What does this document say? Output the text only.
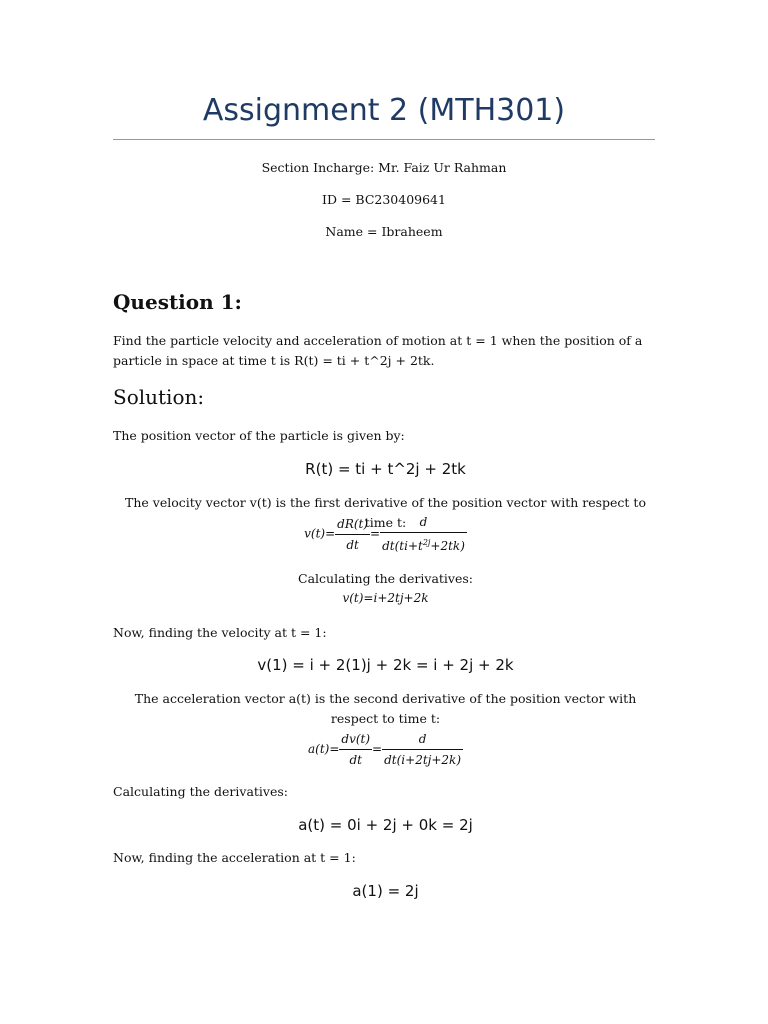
Assignment 2 (MTH301)
Section Incharge: Mr. Faiz Ur Rahman
ID = BC230409641
Name = Ibraheem
Question 1:
Find the particle velocity and acceleration of motion at t = 1 when the position of a particle in space at time t is R(t) = ti + t^2j + 2tk.
Solution:
The position vector of the particle is given by:
R(t) = ti + t^2j + 2tk
The velocity vector v(t) is the first derivative of the position vector with respect to time t:
$v(t)= \frac{dR(t)}{dt} = \frac{d}{dt(ti+t^{2j}+2tk)}$
Calculating the derivatives:
v(t)=i+2tj+2k
Now, finding the velocity at t = 1:
v(1) = i + 2(1)j + 2k = i + 2j + 2k
The acceleration vector a(t) is the second derivative of the position vector with respect to time t:
$a(t)= \frac{dv(t)}{dt} = \frac{d}{dt(i+2tj+2k)}$
Calculating the derivatives:
a(t) = 0i + 2j + 0k = 2j
Now, finding the acceleration at t = 1:
a(1) = 2j
